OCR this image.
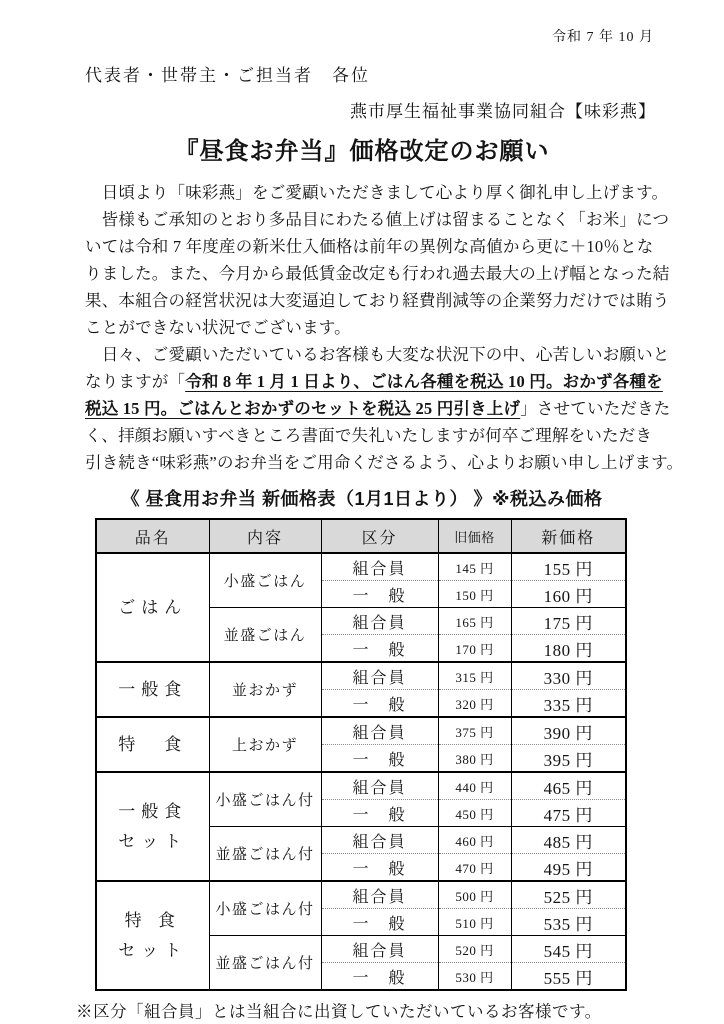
令和 7 年 10 月
代表者・世帯主・ご担当者　各位
燕市厚生福祉事業協同組合【味彩燕】
『昼食お弁当』価格改定のお願い
　日頃より「味彩燕」をご愛顧いただきまして心より厚く御礼申し上げます。
　皆様もご承知のとおり多品目にわたる値上げは留まることなく「お米」につ
いては令和 7 年度産の新米仕入価格は前年の異例な高値から更に＋10％とな
りました。また、今月から最低賃金改定も行われ過去最大の上げ幅となった結
果、本組合の経営状況は大変逼迫しており経費削減等の企業努力だけでは賄う
ことができない状況でございます。
　日々、ご愛顧いただいているお客様も大変な状況下の中、心苦しいお願いと
なりますが「令和 8 年 1 月 1 日より、ごはん各種を税込 10 円。おかず各種を
税込 15 円。ごはんとおかずのセットを税込 25 円引き上げ」させていただきた
く、拝顔お願いすべきところ書面で失礼いたしますが何卒ご理解をいただき
引き続き“味彩燕”のお弁当をご用命くださるよう、心よりお願い申し上げます。
《 昼食用お弁当 新価格表（1月1日より） 》※税込み価格
品名	内容	区分	旧価格	新価格

ごはん	小盛ごはん	組合員	145 円	155 円
		一　般	150 円	160 円
	並盛ごはん	組合員	165 円	175 円
		一　般	170 円	180 円

一般食	並おかず	組合員	315 円	330 円
		一　般	320 円	335 円

特　食	上おかず	組合員	375 円	390 円
		一　般	380 円	395 円

一般食
セット	小盛ごはん付	組合員	440 円	465 円
		一　般	450 円	475 円
	並盛ごはん付	組合員	460 円	485 円
		一　般	470 円	495 円

特 食
セット	小盛ごはん付	組合員	500 円	525 円
		一　般	510 円	535 円
	並盛ごはん付	組合員	520 円	545 円
		一　般	530 円	555 円
※区分「組合員」とは当組合に出資していただいているお客様です。
